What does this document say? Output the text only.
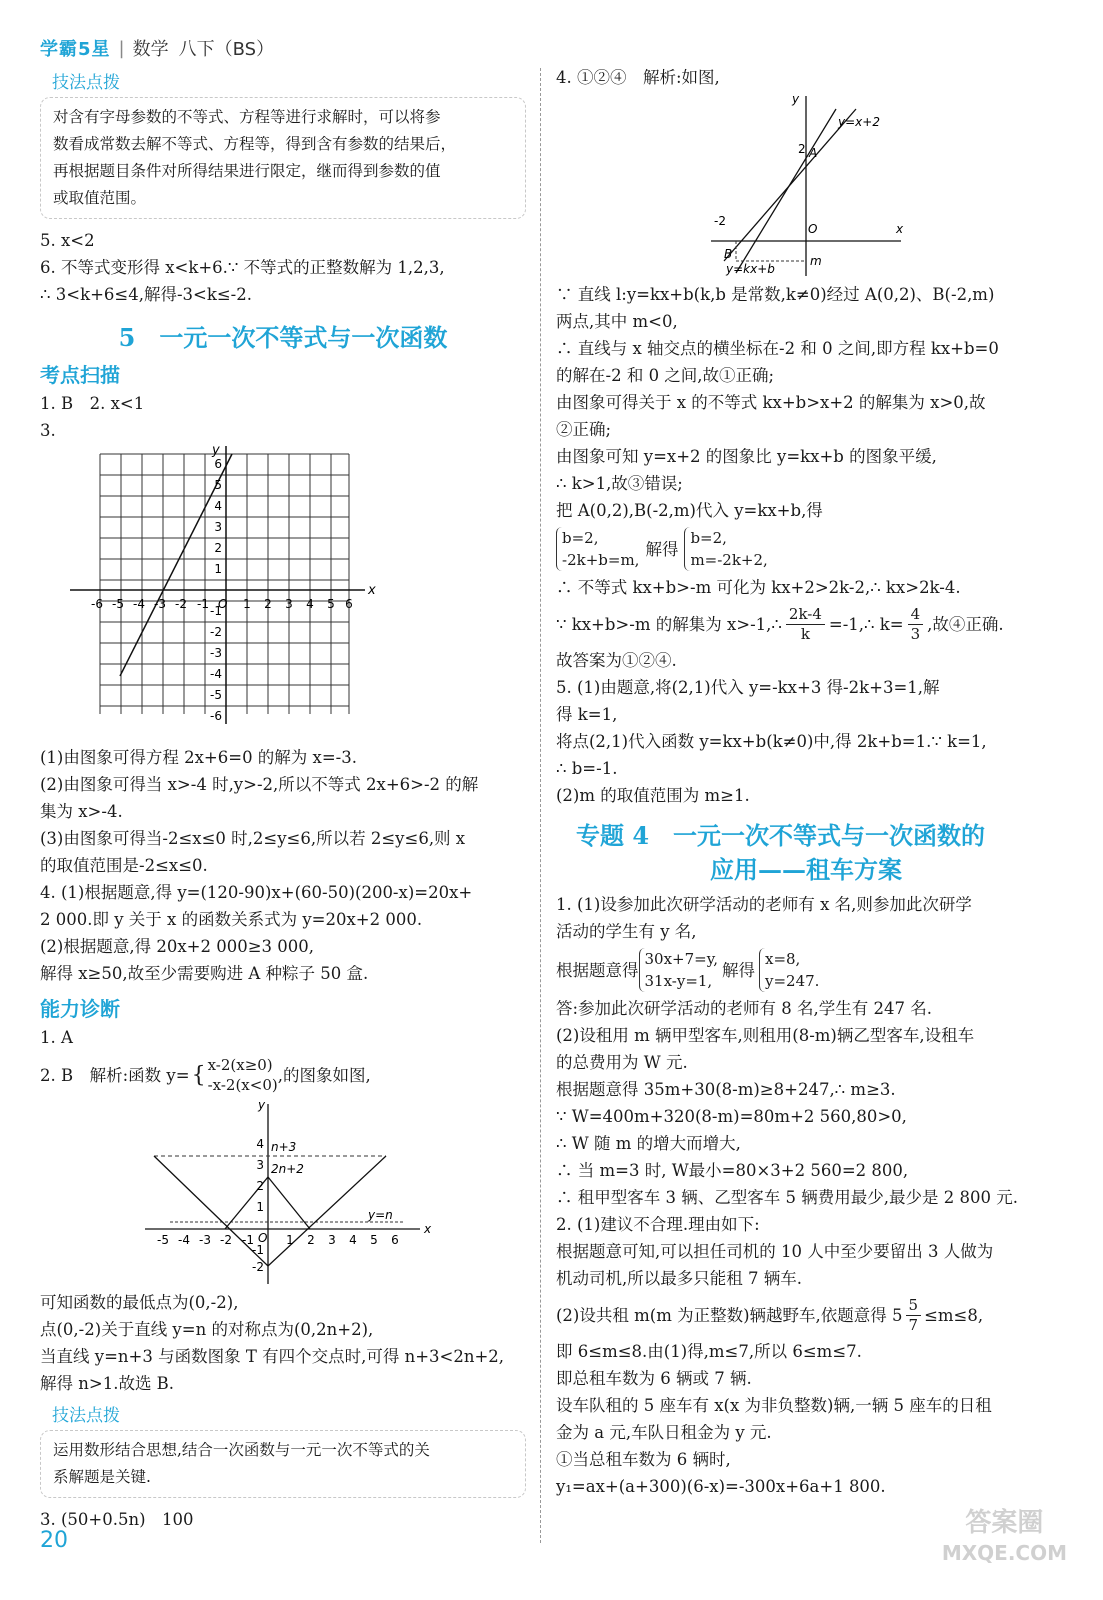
学霸5星 | 数学 八下（BS）
技法点拨
对含有字母参数的不等式、方程等进行求解时，可以将参
数看成常数去解不等式、方程等，得到含有参数的结果后，
再根据题目条件对所得结果进行限定，继而得到参数的值
或取值范围。
5. x<2
6. 不等式变形得 x<k+6.∵ 不等式的正整数解为 1,2,3,
∴ 3<k+6≤4,解得-3<k≤-2.
5　一元一次不等式与一次函数
考点扫描
1. B　2. x<1
3.
x
y
O
-6 -5 -4 -3 -2 -1	1 2 3 4 5 6
1
2
3
4
5
6
-1
-2
-3
-4
-5
-6
(1)由图象可得方程 2x+6=0 的解为 x=-3.
(2)由图象可得当 x>-4 时,y>-2,所以不等式 2x+6>-2 的解
集为 x>-4.
(3)由图象可得当-2≤x≤0 时,2≤y≤6,所以若 2≤y≤6,则 x
的取值范围是-2≤x≤0.
4. (1)根据题意,得 y=(120-90)x+(60-50)(200-x)=20x+
2 000.即 y 关于 x 的函数关系式为 y=20x+2 000.
(2)根据题意,得 20x+2 000≥3 000,
解得 x≥50,故至少需要购进 A 种粽子 50 盒.
能力诊断
1. A
2. B　解析:函数 y= { x-2(x≥0)
-x-2(x<0)
,的图象如图,
x
y
O
n+3
2n+2
y=n
-5 -4 -3 -2 -1	1 2 3 4 5 6
4
3
2
1
-1
-2
可知函数的最低点为(0,-2),
点(0,-2)关于直线 y=n 的对称点为(0,2n+2),
当直线 y=n+3 与函数图象 T 有四个交点时,可得 n+3<2n+2,
解得 n>1.故选 B.
技法点拨
运用数形结合思想,结合一次函数与一元一次不等式的关
系解题是关键.
3. (50+0.5n)　100
4. ①②④　解析:如图,
x
y
O
y=x+2
y=kx+b
A
2
-2
B	m
∵ 直线 l:y=kx+b(k,b 是常数,k≠0)经过 A(0,2)、B(-2,m)
两点,其中 m<0,
∴ 直线与 x 轴交点的横坐标在-2 和 0 之间,即方程 kx+b=0
的解在-2 和 0 之间,故①正确;
由图象可得关于 x 的不等式 kx+b>x+2 的解集为 x>0,故
②正确;
由图象可知 y=x+2 的图象比 y=kx+b 的图象平缓,
∴ k>1,故③错误;
把 A(0,2),B(-2,m)代入 y=kx+b,得
b=2,
-2k+b=m,
解得
b=2,
m=-2k+2,
∴ 不等式 kx+b>-m 可化为 kx+2>2k-2,∴ kx>2k-4.
∵ kx+b>-m 的解集为 x>-1,∴ $\frac{2k-4}{k}$ =-1,∴ $k= \frac{4}{3}$ ,故④正确.
故答案为①②④.
5. (1)由题意,将(2,1)代入 y=-kx+3 得-2k+3=1,解
得 k=1,
将点(2,1)代入函数 y=kx+b(k≠0)中,得 2k+b=1.∵ k=1,
∴ b=-1.
(2)m 的取值范围为 m≥1.
专题 4　一元一次不等式与一次函数的
应用——租车方案
1. (1)设参加此次研学活动的老师有 x 名,则参加此次研学
活动的学生有 y 名,
根据题意得
30x+7=y,
31x-y=1,
解得
x=8,
y=247.
答:参加此次研学活动的老师有 8 名,学生有 247 名.
(2)设租用 m 辆甲型客车,则租用(8-m)辆乙型客车,设租车
的总费用为 W 元.
根据题意得 35m+30(8-m)≥8+247,∴ m≥3.
∵ W=400m+320(8-m)=80m+2 560,80>0,
∴ W 随 m 的增大而增大,
∴ 当 m=3 时, W最小=80×3+2 560=2 800,
∴ 租甲型客车 3 辆、乙型客车 5 辆费用最少,最少是 2 800 元.
2. (1)建议不合理.理由如下:
根据题意可知,可以担任司机的 10 人中至少要留出 3 人做为
机动司机,所以最多只能租 7 辆车.
(2)设共租 m(m 为正整数)辆越野车,依题意得 $5 \frac{5}{7} \le m\le 8$,
即 6≤m≤8.由(1)得,m≤7,所以 6≤m≤7.
即总租车数为 6 辆或 7 辆.
设车队租的 5 座车有 x(x 为非负整数)辆,一辆 5 座车的日租
金为 a 元,车队日租金为 y 元.
①当总租车数为 6 辆时,
y₁=ax+(a+300)(6-x)=-300x+6a+1 800.
20
答案圈
MXQE.COM
